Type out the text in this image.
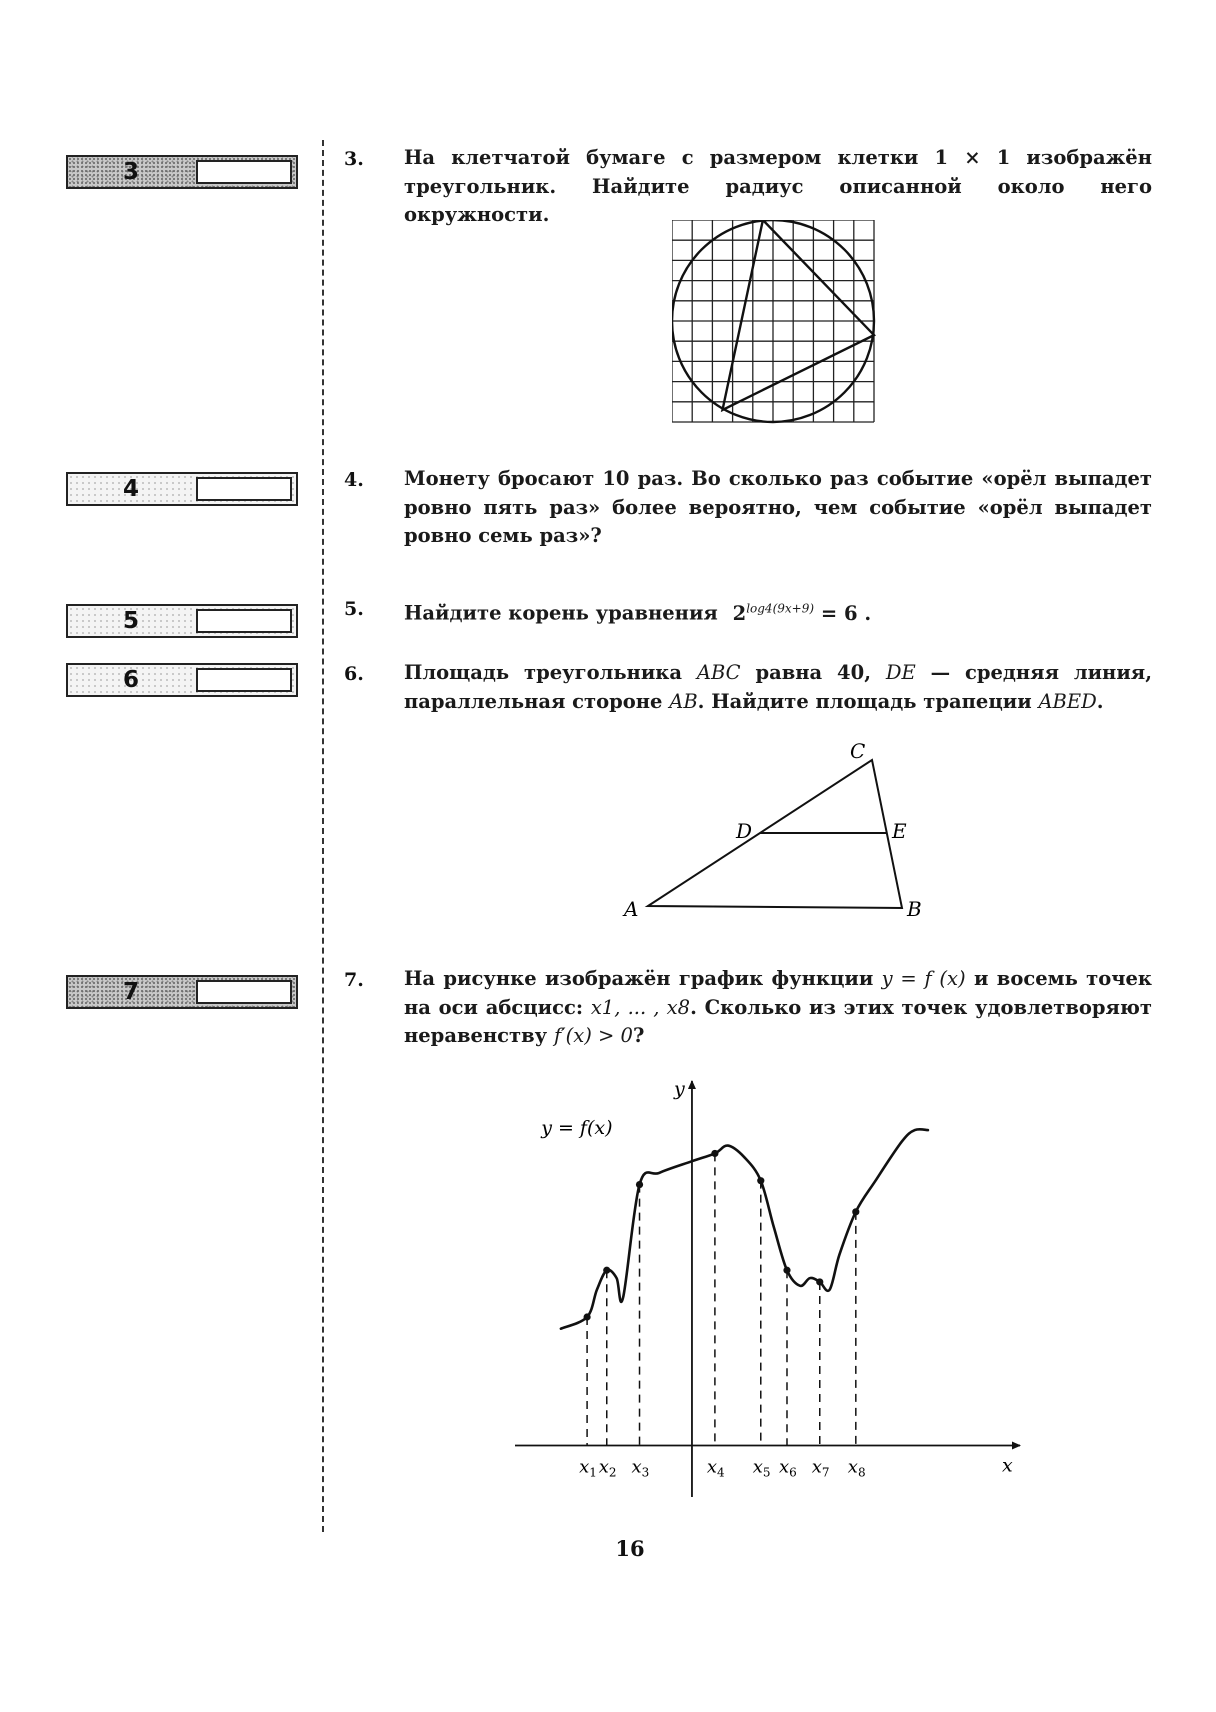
3
4
5
6
7
3. На клетчатой бумаге с размером клетки 1 × 1 изображён треугольник. Найдите радиус описанной около него окружности.
4. Монету бросают 10 раз. Во сколько раз событие «орёл выпадет ровно пять раз» более вероятно, чем событие «орёл выпадет ровно семь раз»?
5. Найдите корень уравнения $2^{log4(9x+9)} = 6$ .
6. Площадь треугольника ABC равна 40, DE — средняя линия, параллельная стороне AB. Найдите площадь трапеции ABED.
A	B
C
D	E
7. На рисунке изображён график функции y = f (x) и восемь точек на оси абсцисс: x1, ... , x8. Сколько из этих точек удовлетворяют неравенству f′(x) > 0?
x
y
$x_1$ $x_2$ $x_3$	$x_4$ $x_5$ $x_6$ $x_7$ $x_8$
y = f(x)
16
